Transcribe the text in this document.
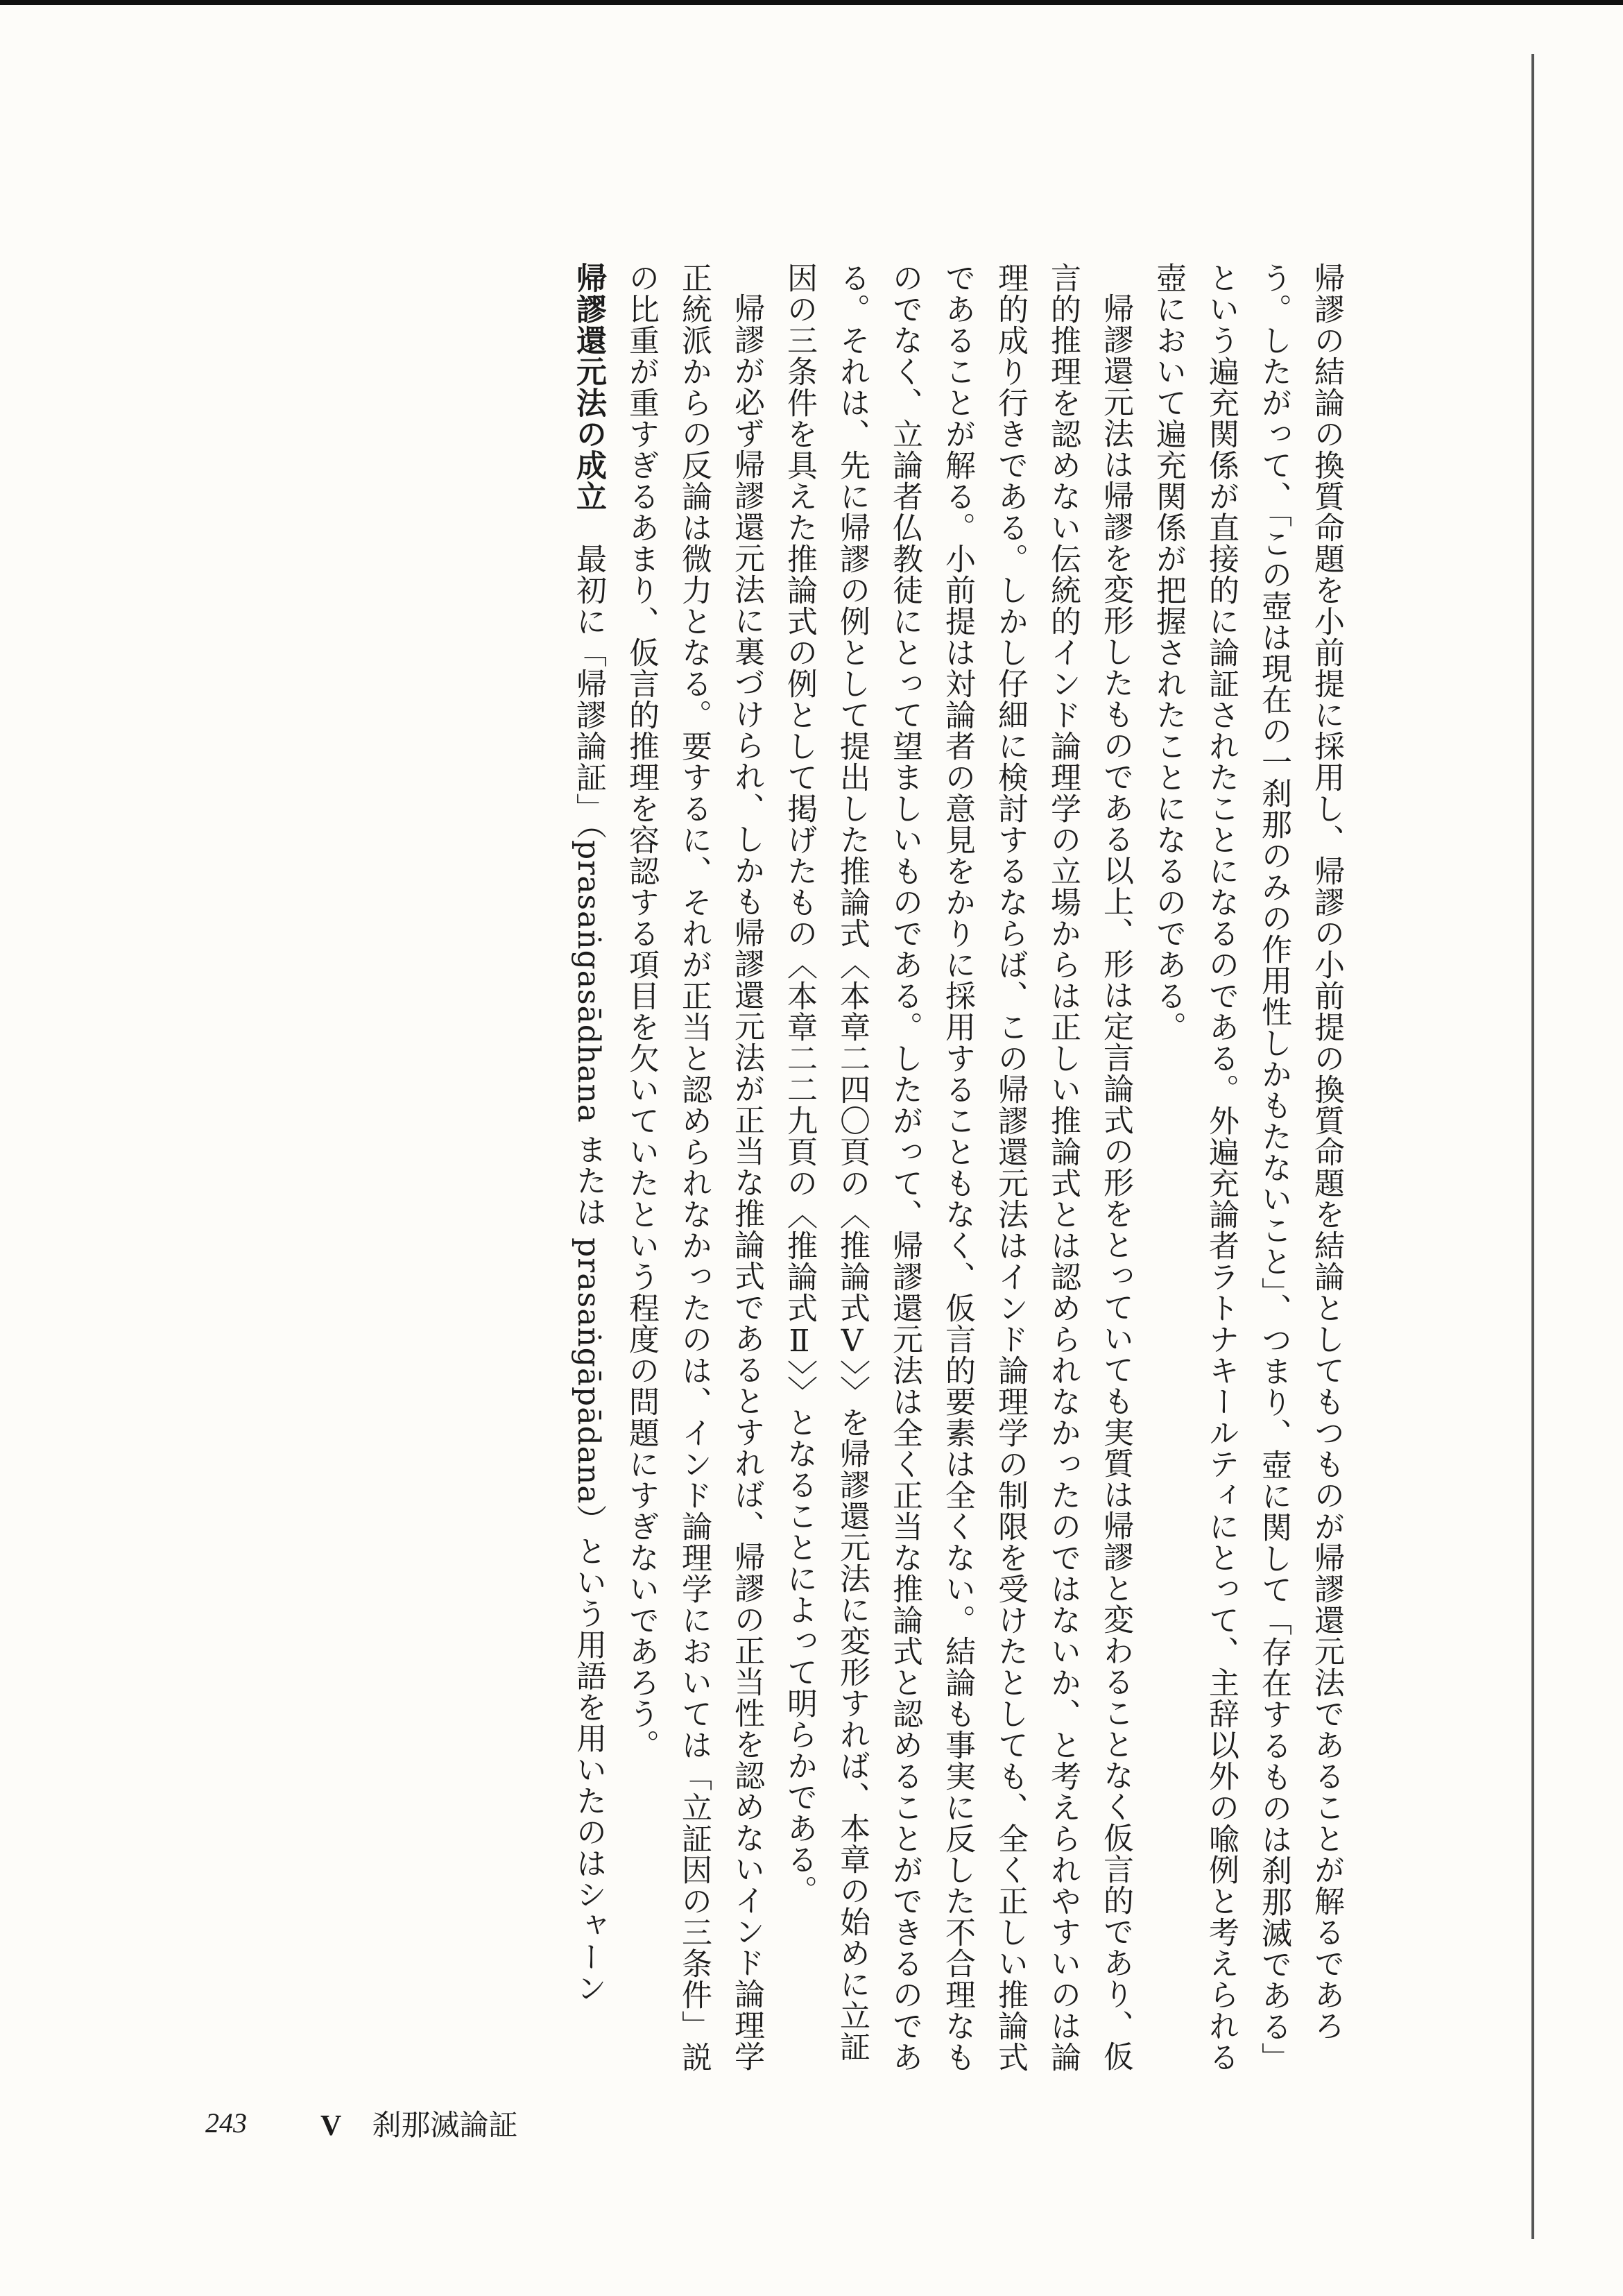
帰謬の結論の換質命題を小前提に採用し、帰謬の小前提の換質命題を結論としてもつものが帰謬還元法であることが解るであろう。したがって、「この壺は現在の一刹那のみの作用性しかもたないこと」、つまり、壺に関して「存在するものは刹那滅である」という遍充関係が直接的に論証されたことになるのである。外遍充論者ラトナキールティにとって、主辞以外の喩例と考えられる壺において遍充関係が把握されたことになるのである。

帰謬還元法は帰謬を変形したものである以上、形は定言論式の形をとっていても実質は帰謬と変わることなく仮言的であり、仮言的推理を認めない伝統的インド論理学の立場からは正しい推論式とは認められなかったのではないか、と考えられやすいのは論理的成り行きである。しかし仔細に検討するならば、この帰謬還元法はインド論理学の制限を受けたとしても、全く正しい推論式であることが解る。小前提は対論者の意見をかりに採用することもなく、仮言的要素は全くない。結論も事実に反した不合理なものでなく、立論者仏教徒にとって望ましいものである。したがって、帰謬還元法は全く正当な推論式と認めることができるのである。それは、先に帰謬の例として提出した推論式〈本章二四〇頁の〈推論式Ⅴ〉〉を帰謬還元法に変形すれば、本章の始めに立証因の三条件を具えた推論式の例として掲げたもの〈本章二二九頁の〈推論式Ⅱ〉〉となることによって明らかである。

帰謬が必ず帰謬還元法に裏づけられ、しかも帰謬還元法が正当な推論式であるとすれば、帰謬の正当性を認めないインド論理学正統派からの反論は微力となる。要するに、それが正当と認められなかったのは、インド論理学においては「立証因の三条件」説の比重が重すぎるあまり、仮言的推理を容認する項目を欠いていたという程度の問題にすぎないであろう。

帰謬還元法の成立　最初に「帰謬論証」（prasaṅgasādhana または prasaṅgāpādana）という用語を用いたのはシャーン

243	V 刹那滅論証
